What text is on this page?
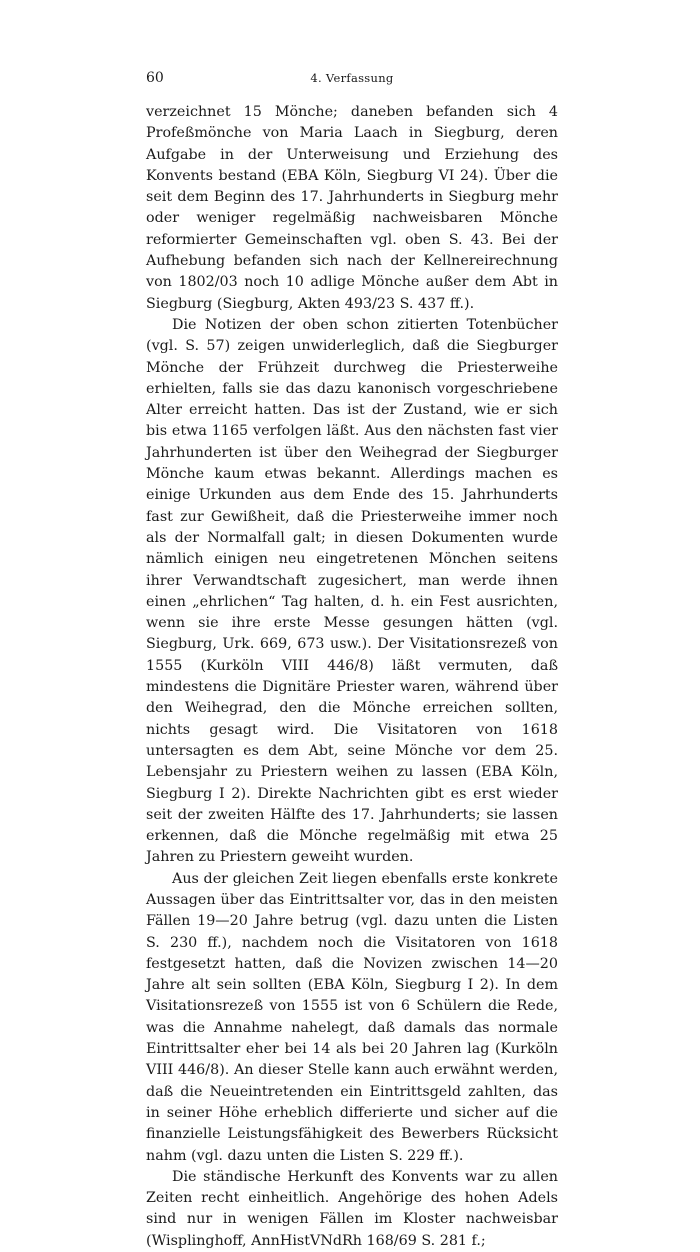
60	4. Verfassung

verzeichnet 15 Mönche; daneben befanden sich 4 Profeßmönche von Maria Laach in Siegburg, deren Aufgabe in der Unterweisung und Erziehung des Konvents bestand (EBA Köln, Siegburg VI 24). Über die seit dem Beginn des 17. Jahrhunderts in Siegburg mehr oder weniger regelmäßig nachweisbaren Mönche reformierter Gemeinschaften vgl. oben S. 43. Bei der Aufhebung befanden sich nach der Kellnereirechnung von 1802/03 noch 10 adlige Mönche außer dem Abt in Siegburg (Siegburg, Akten 493/23 S. 437 ff.).

Die Notizen der oben schon zitierten Totenbücher (vgl. S. 57) zeigen unwiderleglich, daß die Siegburger Mönche der Frühzeit durchweg die Priesterweihe erhielten, falls sie das dazu kanonisch vorgeschriebene Alter erreicht hatten. Das ist der Zustand, wie er sich bis etwa 1165 verfolgen läßt. Aus den nächsten fast vier Jahrhunderten ist über den Weihegrad der Siegburger Mönche kaum etwas bekannt. Allerdings machen es einige Urkunden aus dem Ende des 15. Jahrhunderts fast zur Gewißheit, daß die Priesterweihe immer noch als der Normalfall galt; in diesen Dokumenten wurde nämlich einigen neu eingetretenen Mönchen seitens ihrer Verwandtschaft zugesichert, man werde ihnen einen „ehrlichen“ Tag halten, d. h. ein Fest ausrichten, wenn sie ihre erste Messe gesungen hätten (vgl. Siegburg, Urk. 669, 673 usw.). Der Visitationsrezeß von 1555 (Kurköln VIII 446/8) läßt vermuten, daß mindestens die Dignitäre Priester waren, während über den Weihegrad, den die Mönche erreichen sollten, nichts gesagt wird. Die Visitatoren von 1618 untersagten es dem Abt, seine Mönche vor dem 25. Lebensjahr zu Priestern weihen zu lassen (EBA Köln, Siegburg I 2). Direkte Nachrichten gibt es erst wieder seit der zweiten Hälfte des 17. Jahrhunderts; sie lassen erkennen, daß die Mönche regelmäßig mit etwa 25 Jahren zu Priestern geweiht wurden.

Aus der gleichen Zeit liegen ebenfalls erste konkrete Aussagen über das Eintrittsalter vor, das in den meisten Fällen 19—20 Jahre betrug (vgl. dazu unten die Listen S. 230 ff.), nachdem noch die Visitatoren von 1618 festgesetzt hatten, daß die Novizen zwischen 14—20 Jahre alt sein sollten (EBA Köln, Siegburg I 2). In dem Visitationsrezeß von 1555 ist von 6 Schülern die Rede, was die Annahme nahelegt, daß damals das normale Eintrittsalter eher bei 14 als bei 20 Jahren lag (Kurköln VIII 446/8). An dieser Stelle kann auch erwähnt werden, daß die Neueintretenden ein Eintrittsgeld zahlten, das in seiner Höhe erheblich differierte und sicher auf die finanzielle Leistungsfähigkeit des Bewerbers Rücksicht nahm (vgl. dazu unten die Listen S. 229 ff.).

Die ständische Herkunft des Konvents war zu allen Zeiten recht einheitlich. Angehörige des hohen Adels sind nur in wenigen Fällen im Kloster nachweisbar (Wisplinghoff, AnnHistVNdRh 168/69 S. 281 f.;
